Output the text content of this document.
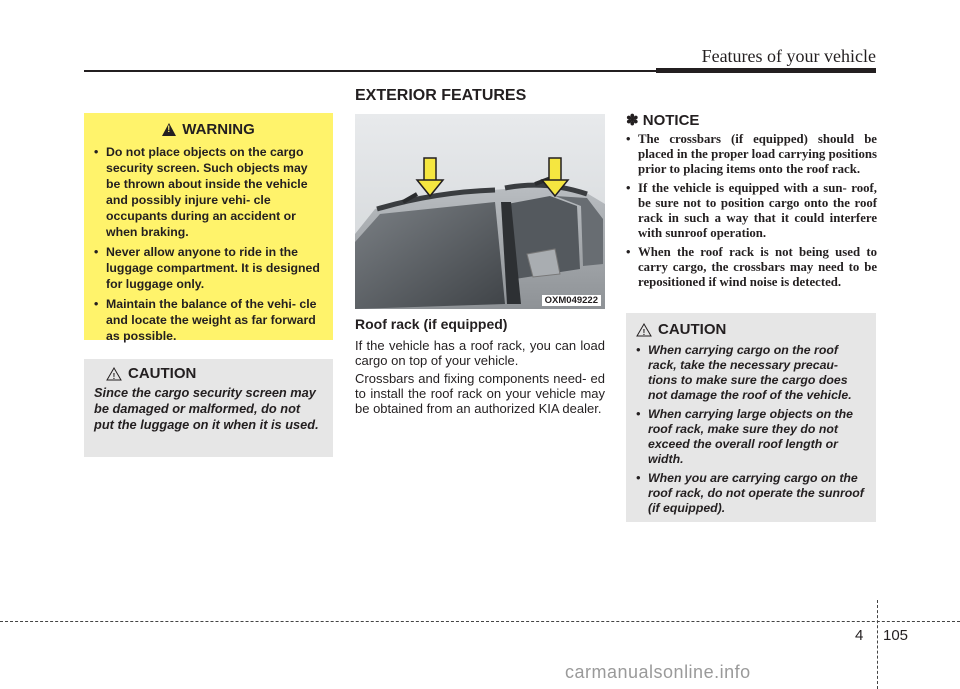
Features of your vehicle
EXTERIOR FEATURES
!
WARNING
• Do not place objects on the cargo security screen. Such objects may be thrown about inside the vehicle and possibly injure vehi- cle occupants during an accident or when braking.
• Never allow anyone to ride in the luggage compartment. It is designed for luggage only.
• Maintain the balance of the vehi- cle and locate the weight as far forward as possible.
! CAUTION
Since the cargo security screen may be damaged or malformed, do not put the luggage on it when it is used.
OXM049222
Roof rack (if equipped)

If the vehicle has a roof rack, you can load cargo on top of your vehicle.

Crossbars and fixing components need- ed to install the roof rack on your vehicle may be obtained from an authorized KIA dealer.

✽ NOTICE
• The crossbars (if equipped) should be placed in the proper load carrying positions prior to placing items onto the roof rack.
• If the vehicle is equipped with a sun- roof, be sure not to position cargo onto the roof rack in such a way that it could interfere with sunroof operation.
• When the roof rack is not being used to carry cargo, the crossbars may need to be repositioned if wind noise is detected.
! CAUTION
• When carrying cargo on the roof rack, take the necessary precau- tions to make sure the cargo does not damage the roof of the vehicle.
• When carrying large objects on the roof rack, make sure they do not exceed the overall roof length or width.
• When you are carrying cargo on the roof rack, do not operate the sunroof (if equipped).
4 105
carmanualsonline.info
